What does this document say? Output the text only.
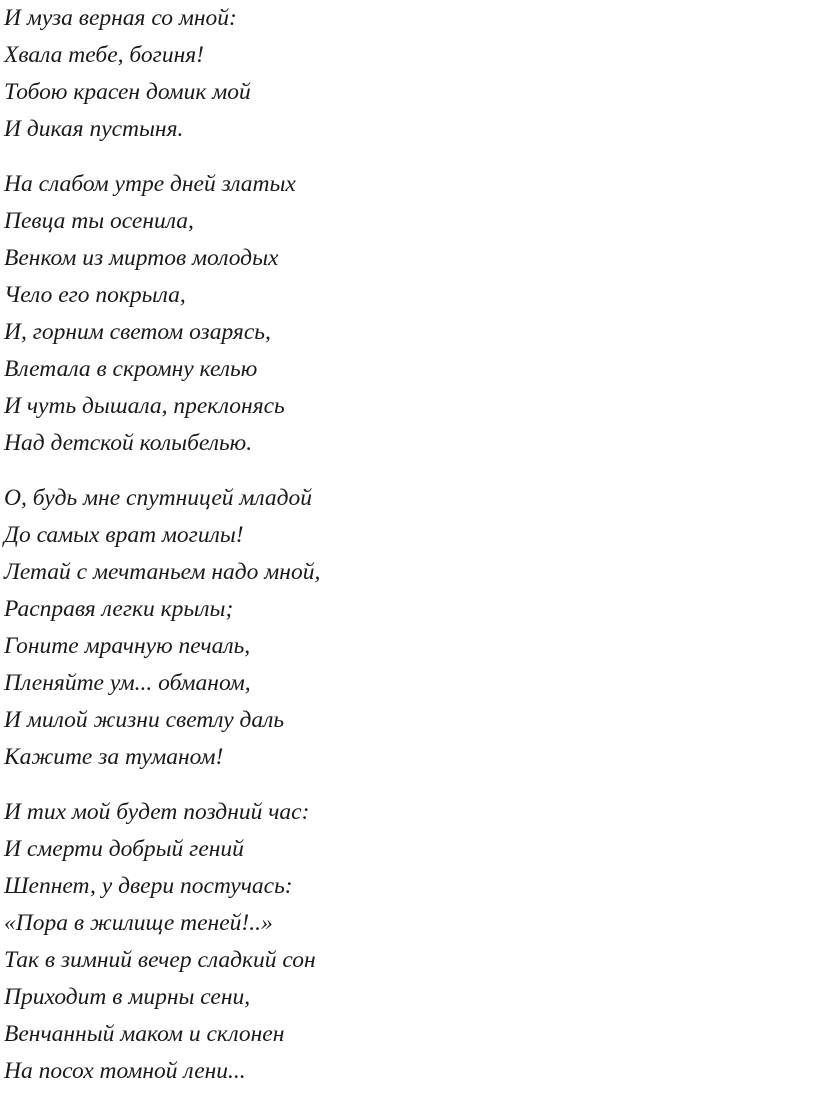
И муза верная со мной:
Хвала тебе, богиня!
Тобою красен домик мой
И дикая пустыня.
На слабом утре дней златых
Певца ты осенила,
Венком из миртов молодых
Чело его покрыла,
И, горним светом озарясь,
Влетала в скромну келью
И чуть дышала, преклонясь
Над детской колыбелью.
О, будь мне спутницей младой
До самых врат могилы!
Летай с мечтаньем надо мной,
Расправя легки крылы;
Гоните мрачную печаль,
Пленяйте ум... обманом,
И милой жизни светлу даль
Кажите за туманом!
И тих мой будет поздний час:
И смерти добрый гений
Шепнет, у двери постучась:
«Пора в жилище теней!..»
Так в зимний вечер сладкий сон
Приходит в мирны сени,
Венчанный маком и склонен
На посох томной лени...
